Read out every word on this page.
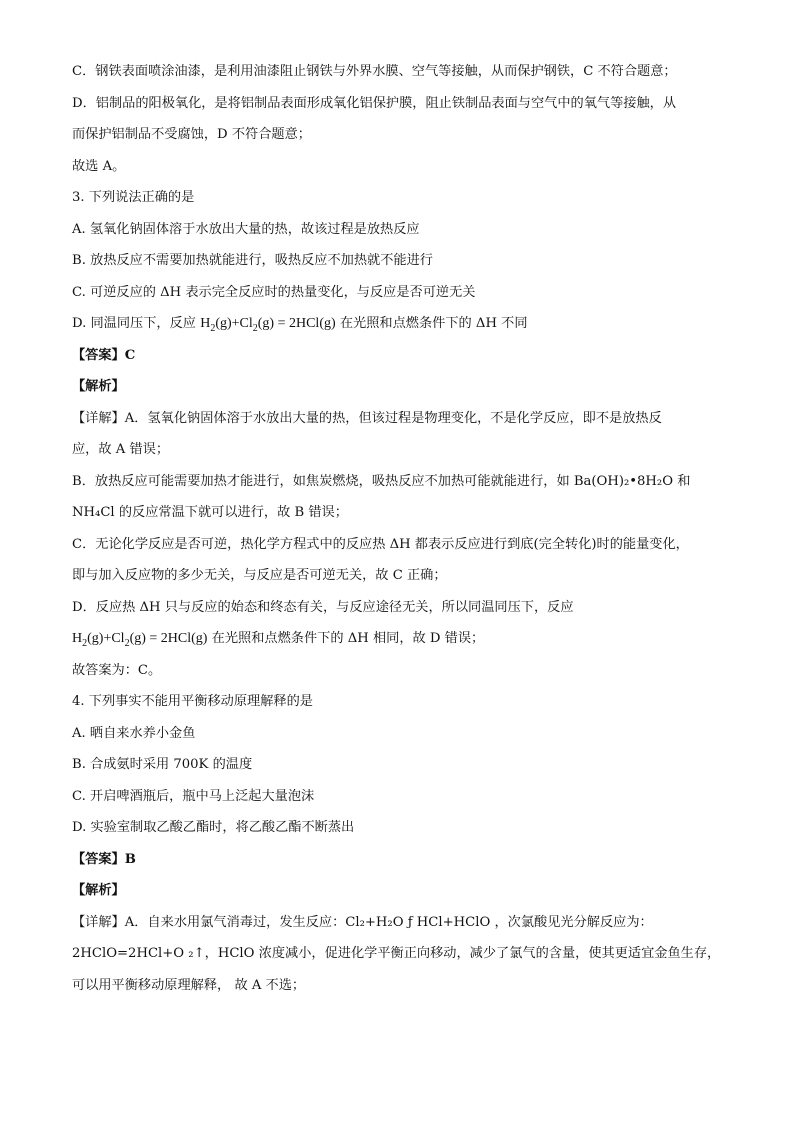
C．钢铁表面喷涂油漆，是利用油漆阻止钢铁与外界水膜、空气等接触，从而保护钢铁，C 不符合题意；
D．铝制品的阳极氧化，是将铝制品表面形成氧化铝保护膜，阻止铁制品表面与空气中的氧气等接触，从
而保护铝制品不受腐蚀，D 不符合题意；
故选 A。
3. 下列说法正确的是
A. 氢氧化钠固体溶于水放出大量的热，故该过程是放热反应
B. 放热反应不需要加热就能进行，吸热反应不加热就不能进行
C. 可逆反应的 ΔH 表示完全反应时的热量变化，与反应是否可逆无关
D. 同温同压下，反应 $H_2(g)+Cl_2(g) = 2HCl(g)$ 在光照和点燃条件下的 ΔH 不同
【答案】C
【解析】
【详解】A．氢氧化钠固体溶于水放出大量的热，但该过程是物理变化，不是化学反应，即不是放热反
应，故 A 错误；
B．放热反应可能需要加热才能进行，如焦炭燃烧，吸热反应不加热可能就能进行，如 Ba(OH)₂•8H₂O 和
NH₄Cl 的反应常温下就可以进行，故 B 错误；
C．无论化学反应是否可逆，热化学方程式中的反应热 ΔH 都表示反应进行到底(完全转化)时的能量变化，
即与加入反应物的多少无关，与反应是否可逆无关，故 C 正确；
D．反应热 ΔH 只与反应的始态和终态有关，与反应途径无关，所以同温同压下，反应
$H_2(g)+Cl_2(g) = 2HCl(g)$ 在光照和点燃条件下的 ΔH 相同，故 D 错误；
故答案为：C。
4. 下列事实不能用平衡移动原理解释的是
A. 晒自来水养小金鱼
B. 合成氨时采用 700K 的温度
C. 开启啤酒瓶后，瓶中马上泛起大量泡沫
D. 实验室制取乙酸乙酯时，将乙酸乙酯不断蒸出
【答案】B
【解析】
【详解】A．自来水用氯气消毒过，发生反应：Cl₂+H₂O ƒ HCl+HClO ，次氯酸见光分解反应为：
2HClO=2HCl+O ₂↑，HClO 浓度减小，促进化学平衡正向移动，减少了氯气的含量，使其更适宜金鱼生存，
可以用平衡移动原理解释， 故 A 不选；
